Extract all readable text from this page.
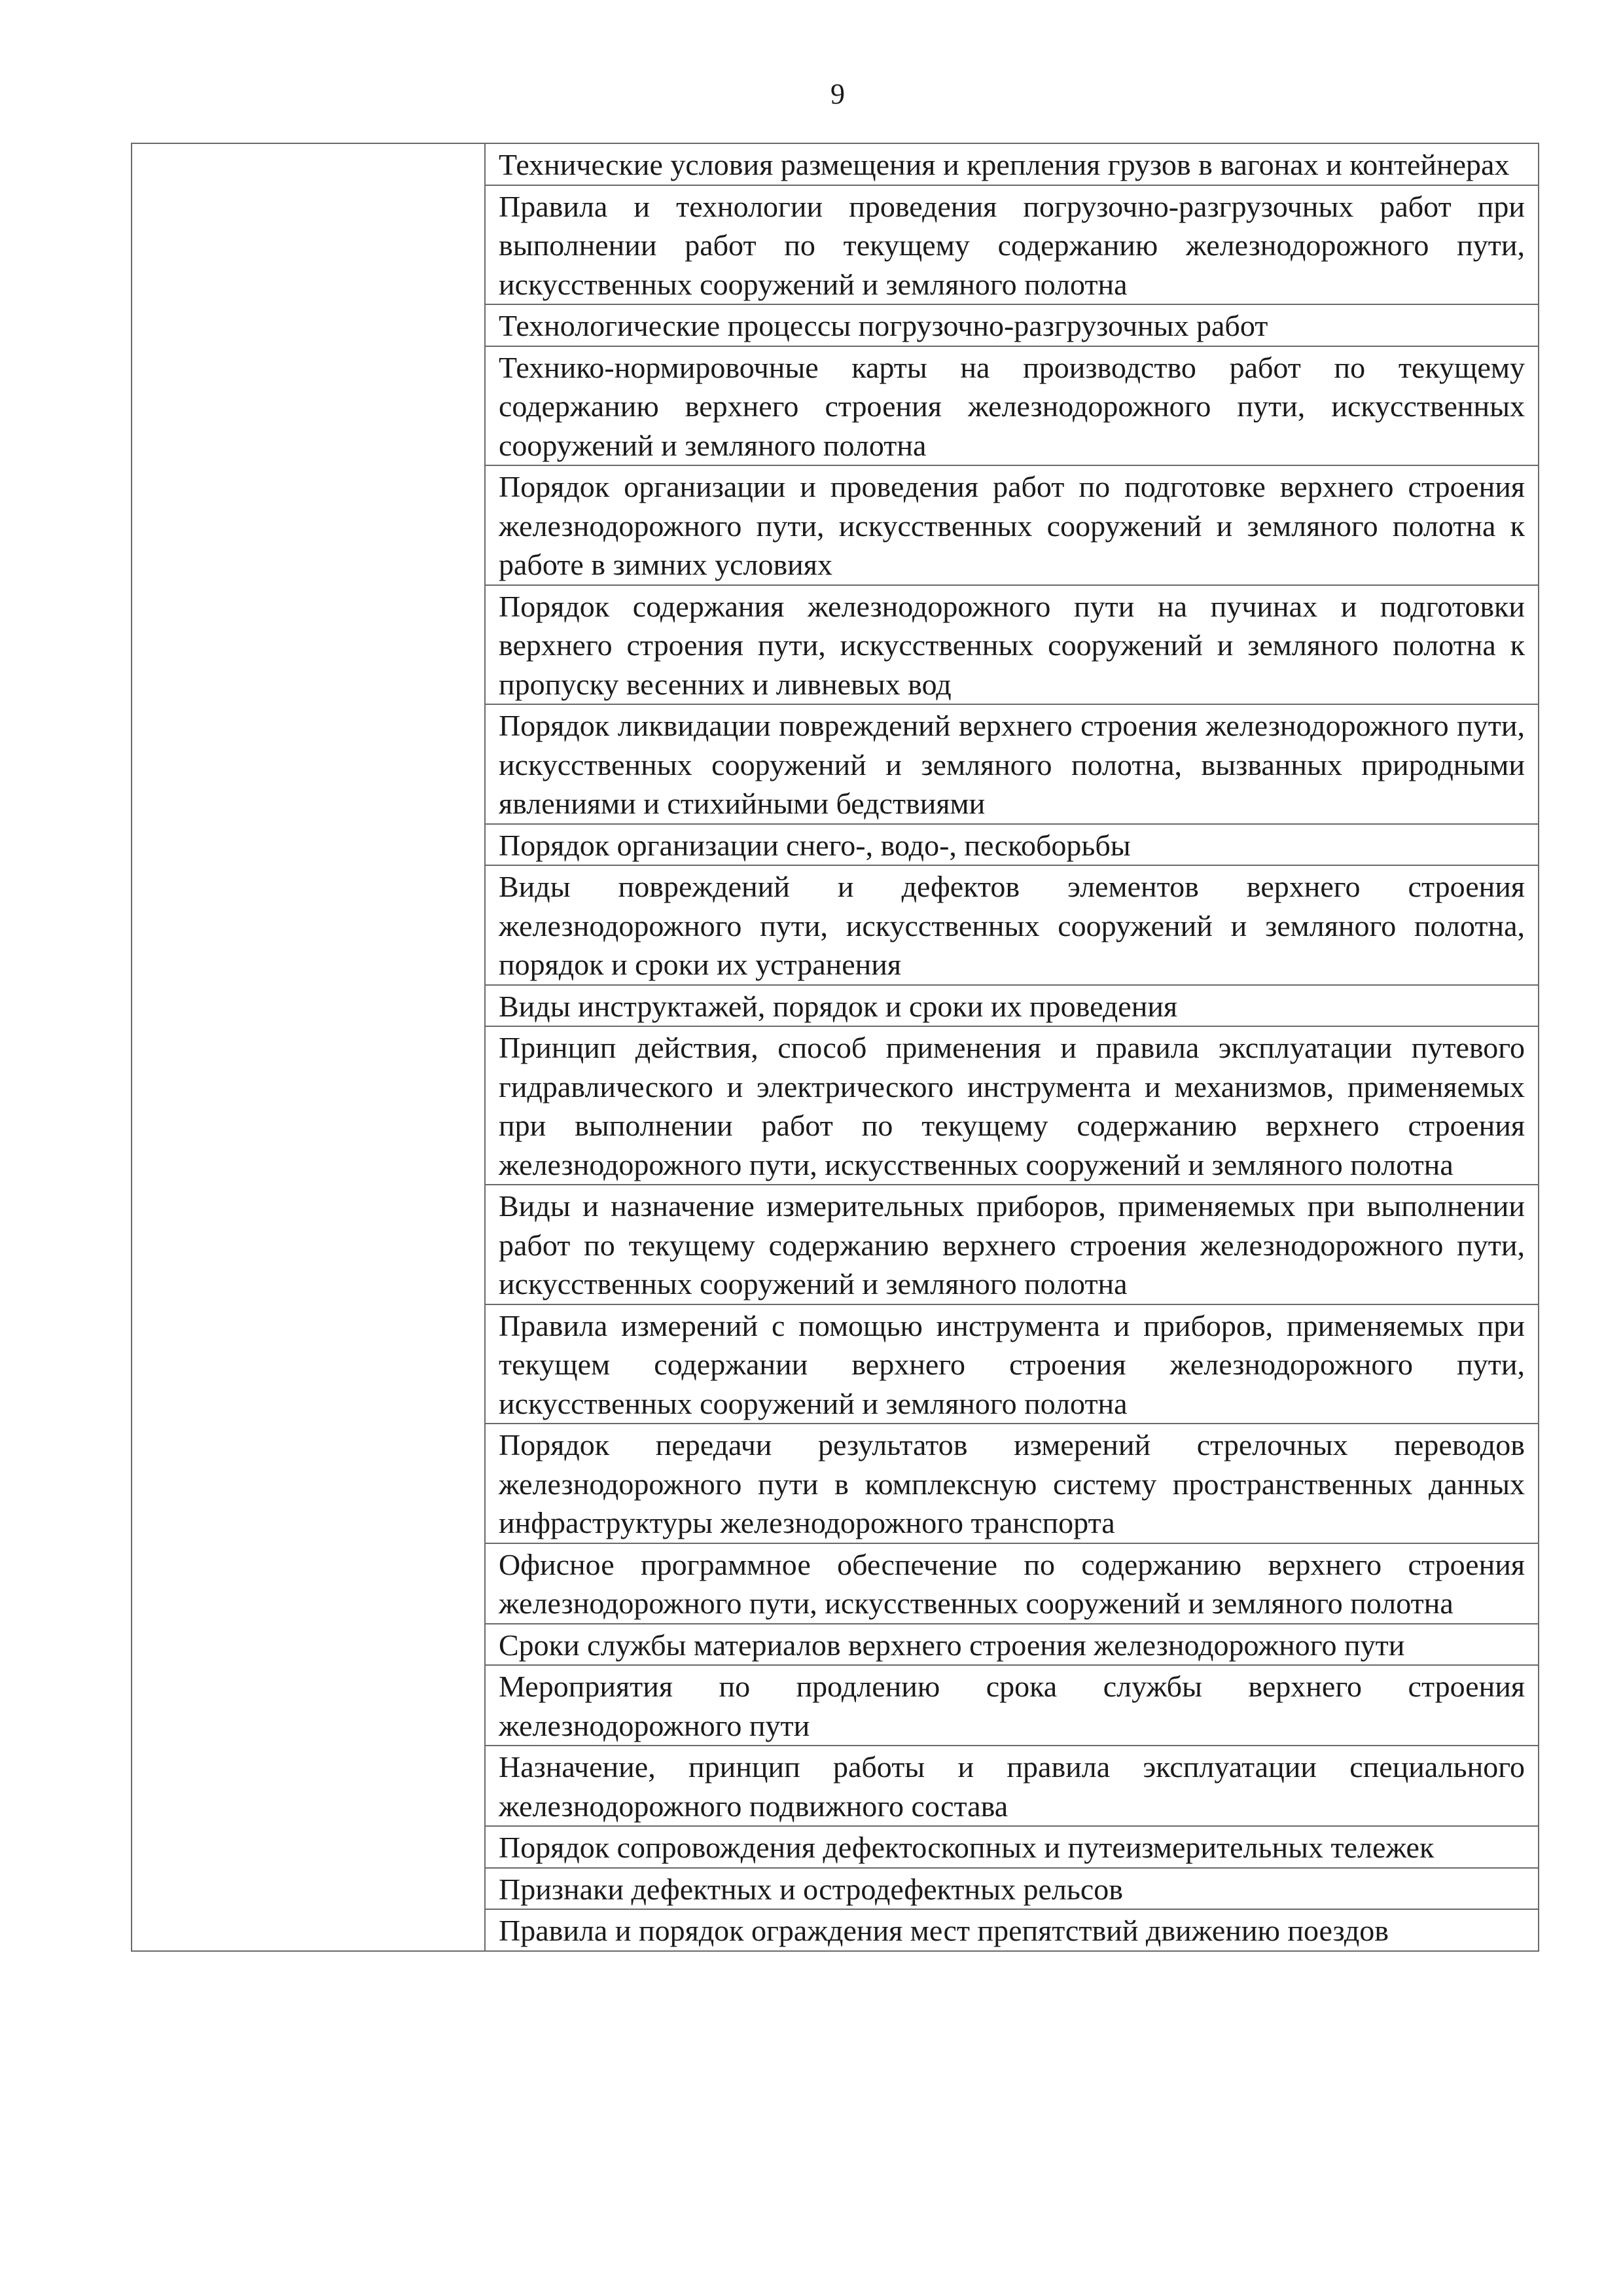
9
	Технические условия размещения и крепления грузов в вагонах и контейнерах
Правила и технологии проведения погрузочно-разгрузочных работ при выполнении работ по текущему содержанию железнодорожного пути, искусственных сооружений и земляного полотна
Технологические процессы погрузочно-разгрузочных работ
Технико-нормировочные карты на производство работ по текущему содержанию верхнего строения железнодорожного пути, искусственных сооружений и земляного полотна
Порядок организации и проведения работ по подготовке верхнего строения железнодорожного пути, искусственных сооружений и земляного полотна к работе в зимних условиях
Порядок содержания железнодорожного пути на пучинах и подготовки верхнего строения пути, искусственных сооружений и земляного полотна к пропуску весенних и ливневых вод
Порядок ликвидации повреждений верхнего строения железнодорожного пути, искусственных сооружений и земляного полотна, вызванных природными явлениями и стихийными бедствиями
Порядок организации снего-, водо-, пескоборьбы
Виды повреждений и дефектов элементов верхнего строения железнодорожного пути, искусственных сооружений и земляного полотна, порядок и сроки их устранения
Виды инструктажей, порядок и сроки их проведения
Принцип действия, способ применения и правила эксплуатации путевого гидравлического и электрического инструмента и механизмов, применяемых при выполнении работ по текущему содержанию верхнего строения железнодорожного пути, искусственных сооружений и земляного полотна
Виды и назначение измерительных приборов, применяемых при выполнении работ по текущему содержанию верхнего строения железнодорожного пути, искусственных сооружений и земляного полотна
Правила измерений с помощью инструмента и приборов, применяемых при текущем содержании верхнего строения железнодорожного пути, искусственных сооружений и земляного полотна
Порядок передачи результатов измерений стрелочных переводов железнодорожного пути в комплексную систему пространственных данных инфраструктуры железнодорожного транспорта
Офисное программное обеспечение по содержанию верхнего строения железнодорожного пути, искусственных сооружений и земляного полотна
Сроки службы материалов верхнего строения железнодорожного пути
Мероприятия по продлению срока службы верхнего строения железнодорожного пути
Назначение, принцип работы и правила эксплуатации специального железнодорожного подвижного состава
Порядок сопровождения дефектоскопных и путеизмерительных тележек
Признаки дефектных и остродефектных рельсов
Правила и порядок ограждения мест препятствий движению поездов
